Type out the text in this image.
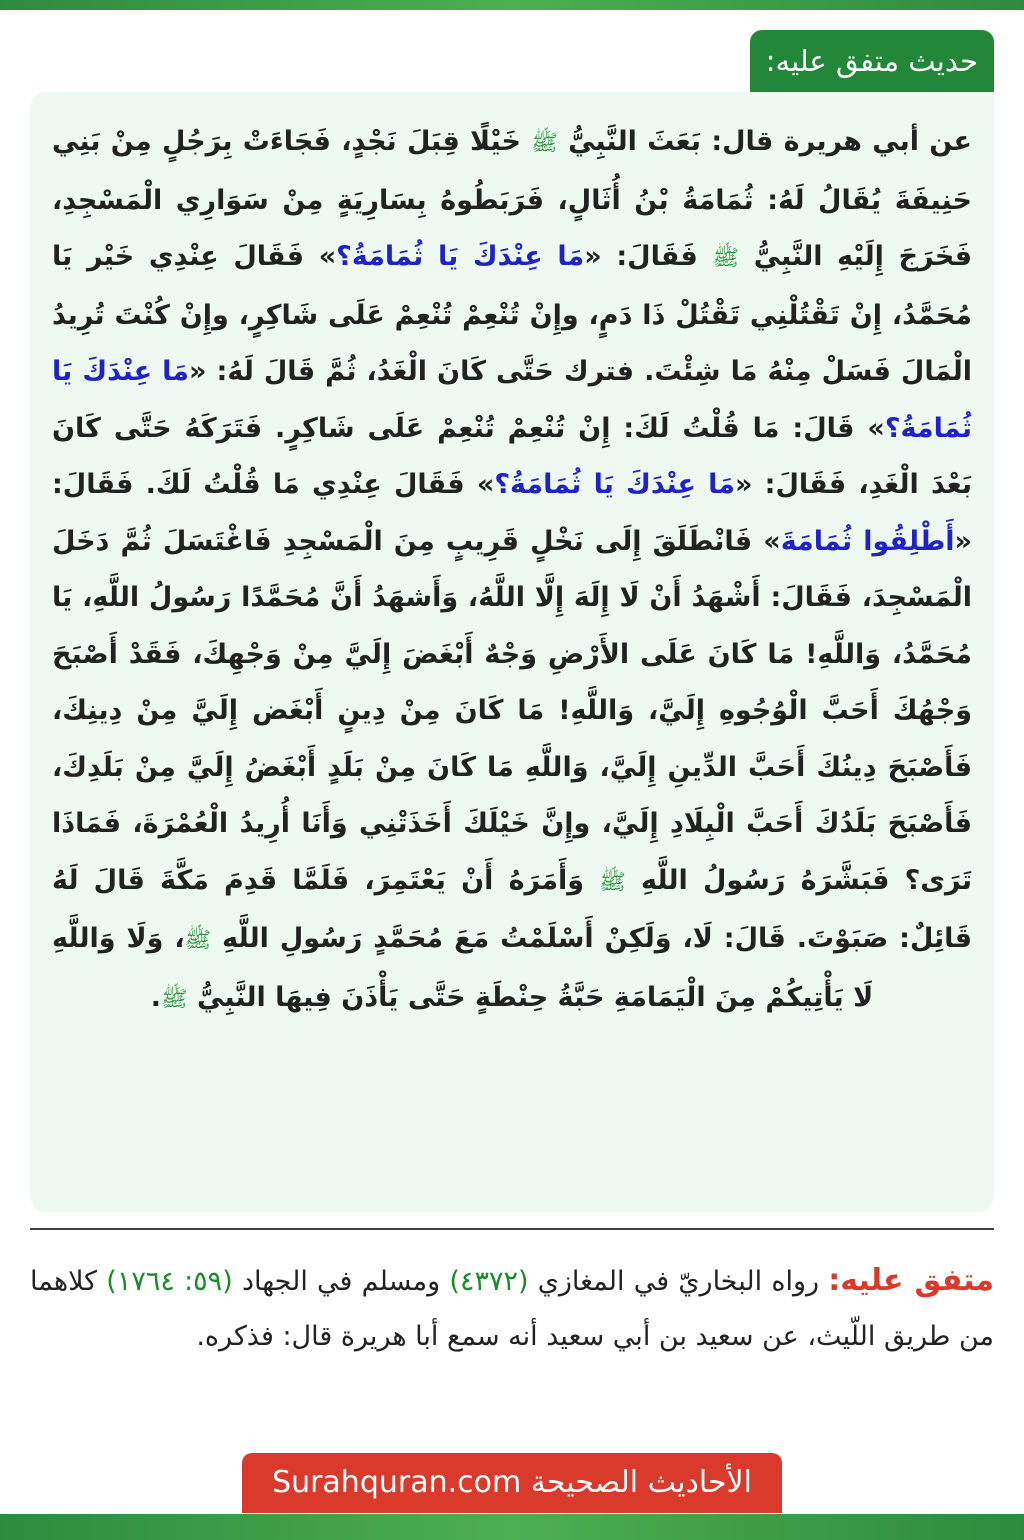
حديث متفق عليه:
عن أبي هريرة قال: بَعَثَ النَّبِيُّ ﷺ خَيْلًا قِبَلَ نَجْدٍ، فَجَاءَتْ بِرَجُلٍ مِنْ بَنِي حَنِيفَةَ يُقَالُ لَهُ: ثُمَامَةُ بْنُ أُثَالٍ، فَرَبَطُوهُ بِسَارِيَةٍ مِنْ سَوَارِي الْمَسْجِدِ، فَخَرَجَ إِلَيْهِ النَّبِيُّ ﷺ فَقَالَ: «مَا عِنْدَكَ يَا ثُمَامَةُ؟» فَقَالَ عِنْدِي خَيْر يَا مُحَمَّدُ، إِنْ تَقْتُلْنِي تَقْتُلْ ذَا دَمٍ، وإِنْ تُنْعِمْ تُنْعِمْ عَلَى شَاكِرٍ، وإِنْ كُنْتَ تُرِيدُ الْمَالَ فَسَلْ مِنْهُ مَا شِئْتَ. فترك حَتَّى كَانَ الْغَدُ، ثُمَّ قَالَ لَهُ: «مَا عِنْدَكَ يَا ثُمَامَةُ؟» قَالَ: مَا قُلْتُ لَكَ: إِنْ تُنْعِمْ تُنْعِمْ عَلَى شَاكِرٍ. فَتَرَكَهُ حَتَّى كَانَ بَعْدَ الْغَدِ، فَقَالَ: «مَا عِنْدَكَ يَا ثُمَامَةُ؟» فَقَالَ عِنْدِي مَا قُلْتُ لَكَ. فَقَالَ: «أَطْلِقُوا ثُمَامَةَ» فَانْطَلَقَ إِلَى نَخْلٍ قَرِيبٍ مِنَ الْمَسْجِدِ فَاغْتَسَلَ ثُمَّ دَخَلَ الْمَسْجِدَ، فَقَالَ: أَشْهَدُ أَنْ لَا إِلَهَ إِلَّا اللَّهُ، وَأَشهَدُ أَنَّ مُحَمَّدًا رَسُولُ اللَّهِ، يَا مُحَمَّدُ، وَاللَّهِ! مَا كَانَ عَلَى الأَرْضِ وَجْهٌ أَبْغَضَ إِلَيَّ مِنْ وَجْهِكَ، فَقَدْ أَصْبَحَ وَجْهُكَ أَحَبَّ الْوُجُوهِ إِلَيَّ، وَاللَّهِ! مَا كَانَ مِنْ دِينٍ أَبْغَض إِلَيَّ مِنْ دِينِكَ، فَأَصْبَحَ دِينُكَ أَحَبَّ الدِّينِ إِلَيَّ، وَاللَّهِ مَا كَانَ مِنْ بَلَدٍ أَبْغَضُ إِلَيَّ مِنْ بَلَدِكَ، فَأَصْبَحَ بَلَدُكَ أَحَبَّ الْبِلَادِ إِلَيَّ، وإِنَّ خَيْلَكَ أَخَذَتْنِي وَأَنَا أُرِيدُ الْعُمْرَةَ، فَمَاذَا تَرَى؟ فَبَشَّرَهُ رَسُولُ اللَّهِ ﷺ وَأَمَرَهُ أَنْ يَعْتَمِرَ، فَلَمَّا قَدِمَ مَكَّةَ قَالَ لَهُ قَائِلٌ: صَبَوْتَ. قَالَ: لَا، وَلَكِنْ أَسْلَمْتُ مَعَ مُحَمَّدٍ رَسُولِ اللَّهِ ﷺ، وَلَا وَاللَّهِ لَا يَأْتِيكُمْ مِنَ الْيَمَامَةِ حَبَّةُ حِنْطَةٍ حَتَّى يَأْذَنَ فِيهَا النَّبِيُّ ﷺ.
متفق عليه: رواه البخاريّ في المغازي (٤٣٧٢) ومسلم في الجهاد (٥٩: ١٧٦٤) كلاهما من طريق اللّيث، عن سعيد بن أبي سعيد أنه سمع أبا هريرة قال: فذكره.
الأحاديث الصحيحة Surahquran.com
